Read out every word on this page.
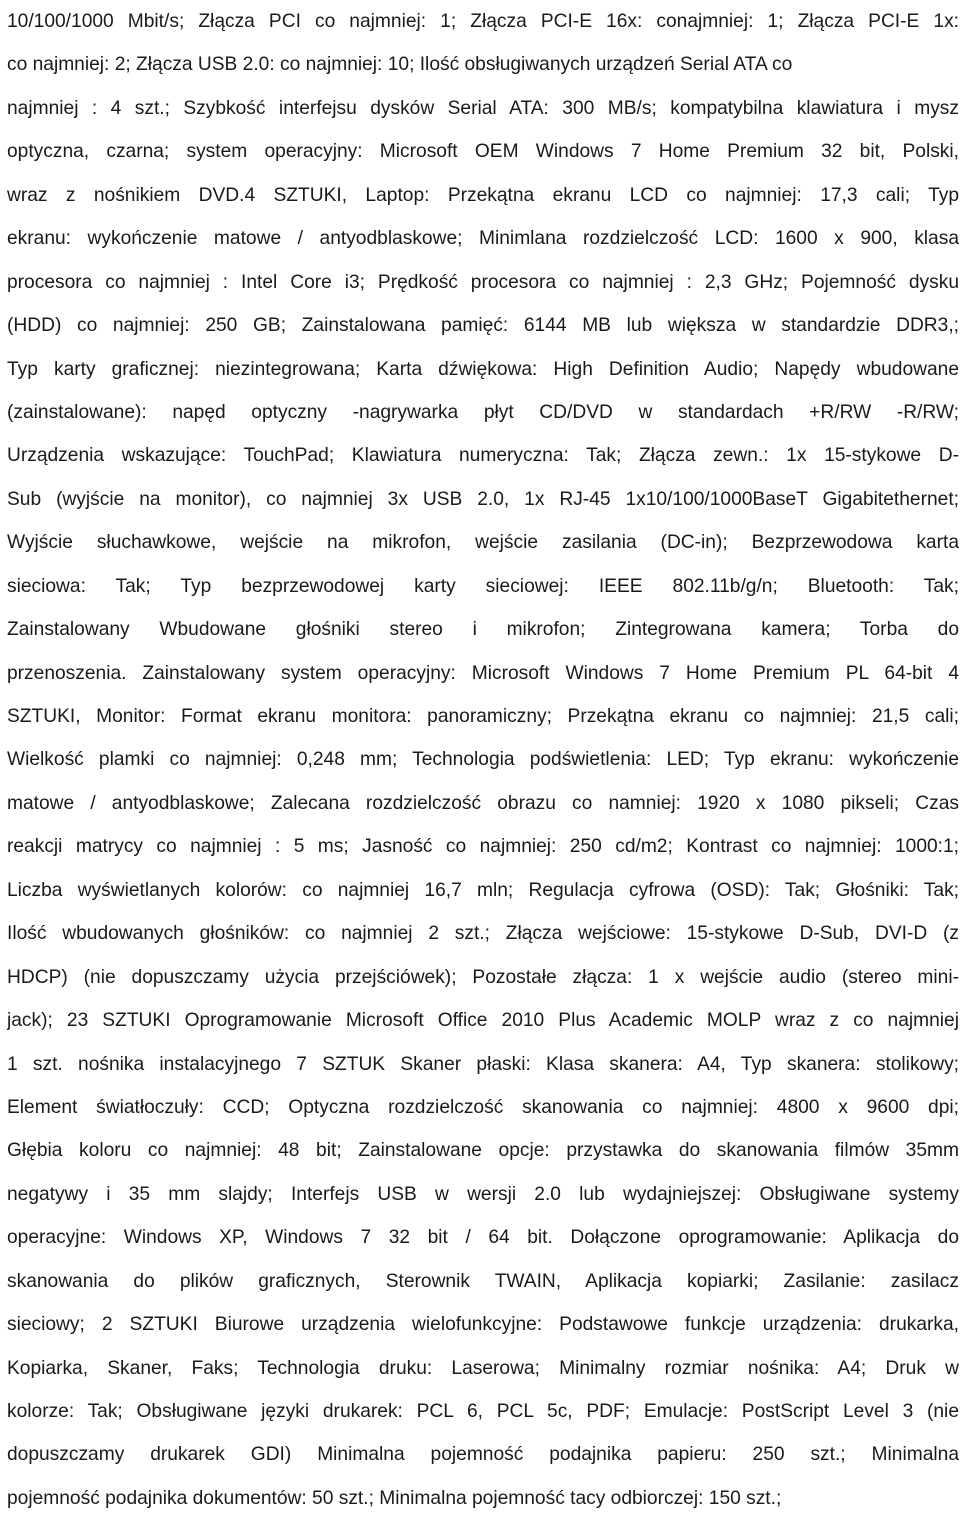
10/100/1000 Mbit/s; Złącza PCI co najmniej: 1; Złącza PCI-E 16x: conajmniej: 1; Złącza PCI-E 1x:
co najmniej: 2; Złącza USB 2.0: co najmniej: 10; Ilość obsługiwanych urządzeń Serial ATA co
najmniej : 4 szt.; Szybkość interfejsu dysków Serial ATA: 300 MB/s; kompatybilna klawiatura i mysz
optyczna, czarna; system operacyjny: Microsoft OEM Windows 7 Home Premium 32 bit, Polski,
wraz z nośnikiem DVD.4 SZTUKI, Laptop: Przekątna ekranu LCD co najmniej: 17,3 cali; Typ
ekranu: wykończenie matowe / antyodblaskowe; Minimlana rozdzielczość LCD: 1600 x 900, klasa
procesora co najmniej : Intel Core i3; Prędkość procesora co najmniej : 2,3 GHz; Pojemność dysku
(HDD) co najmniej: 250 GB; Zainstalowana pamięć: 6144 MB lub większa w standardzie DDR3,;
Typ karty graficznej: niezintegrowana; Karta dźwiękowa: High Definition Audio; Napędy wbudowane
(zainstalowane): napęd optyczny -nagrywarka płyt CD/DVD w standardach +R/RW -R/RW;
Urządzenia wskazujące: TouchPad; Klawiatura numeryczna: Tak; Złącza zewn.: 1x 15-stykowe D-
Sub (wyjście na monitor), co najmniej 3x USB 2.0, 1x RJ-45 1x10/100/1000BaseT Gigabitethernet;
Wyjście słuchawkowe, wejście na mikrofon, wejście zasilania (DC-in); Bezprzewodowa karta
sieciowa: Tak; Typ bezprzewodowej karty sieciowej: IEEE 802.11b/g/n; Bluetooth: Tak;
Zainstalowany Wbudowane głośniki stereo i mikrofon; Zintegrowana kamera; Torba do
przenoszenia. Zainstalowany system operacyjny: Microsoft Windows 7 Home Premium PL 64-bit 4
SZTUKI, Monitor: Format ekranu monitora: panoramiczny; Przekątna ekranu co najmniej: 21,5 cali;
Wielkość plamki co najmniej: 0,248 mm; Technologia podświetlenia: LED; Typ ekranu: wykończenie
matowe / antyodblaskowe; Zalecana rozdzielczość obrazu co namniej: 1920 x 1080 pikseli; Czas
reakcji matrycy co najmniej : 5 ms; Jasność co najmniej: 250 cd/m2; Kontrast co najmniej: 1000:1;
Liczba wyświetlanych kolorów: co najmniej 16,7 mln; Regulacja cyfrowa (OSD): Tak; Głośniki: Tak;
Ilość wbudowanych głośników: co najmniej 2 szt.; Złącza wejściowe: 15-stykowe D-Sub, DVI-D (z
HDCP) (nie dopuszczamy użycia przejściówek); Pozostałe złącza: 1 x wejście audio (stereo mini-
jack); 23 SZTUKI Oprogramowanie Microsoft Office 2010 Plus Academic MOLP wraz z co najmniej
1 szt. nośnika instalacyjnego 7 SZTUK Skaner płaski: Klasa skanera: A4, Typ skanera: stolikowy;
Element światłoczuły: CCD; Optyczna rozdzielczość skanowania co najmniej: 4800 x 9600 dpi;
Głębia koloru co najmniej: 48 bit; Zainstalowane opcje: przystawka do skanowania filmów 35mm
negatywy i 35 mm slajdy; Interfejs USB w wersji 2.0 lub wydajniejszej: Obsługiwane systemy
operacyjne: Windows XP, Windows 7 32 bit / 64 bit. Dołączone oprogramowanie: Aplikacja do
skanowania do plików graficznych, Sterownik TWAIN, Aplikacja kopiarki; Zasilanie: zasilacz
sieciowy; 2 SZTUKI Biurowe urządzenia wielofunkcyjne: Podstawowe funkcje urządzenia: drukarka,
Kopiarka, Skaner, Faks; Technologia druku: Laserowa; Minimalny rozmiar nośnika: A4; Druk w
kolorze: Tak; Obsługiwane języki drukarek: PCL 6, PCL 5c, PDF; Emulacje: PostScript Level 3 (nie
dopuszczamy drukarek GDI) Minimalna pojemność podajnika papieru: 250 szt.; Minimalna
pojemność podajnika dokumentów: 50 szt.; Minimalna pojemność tacy odbiorczej: 150 szt.;
